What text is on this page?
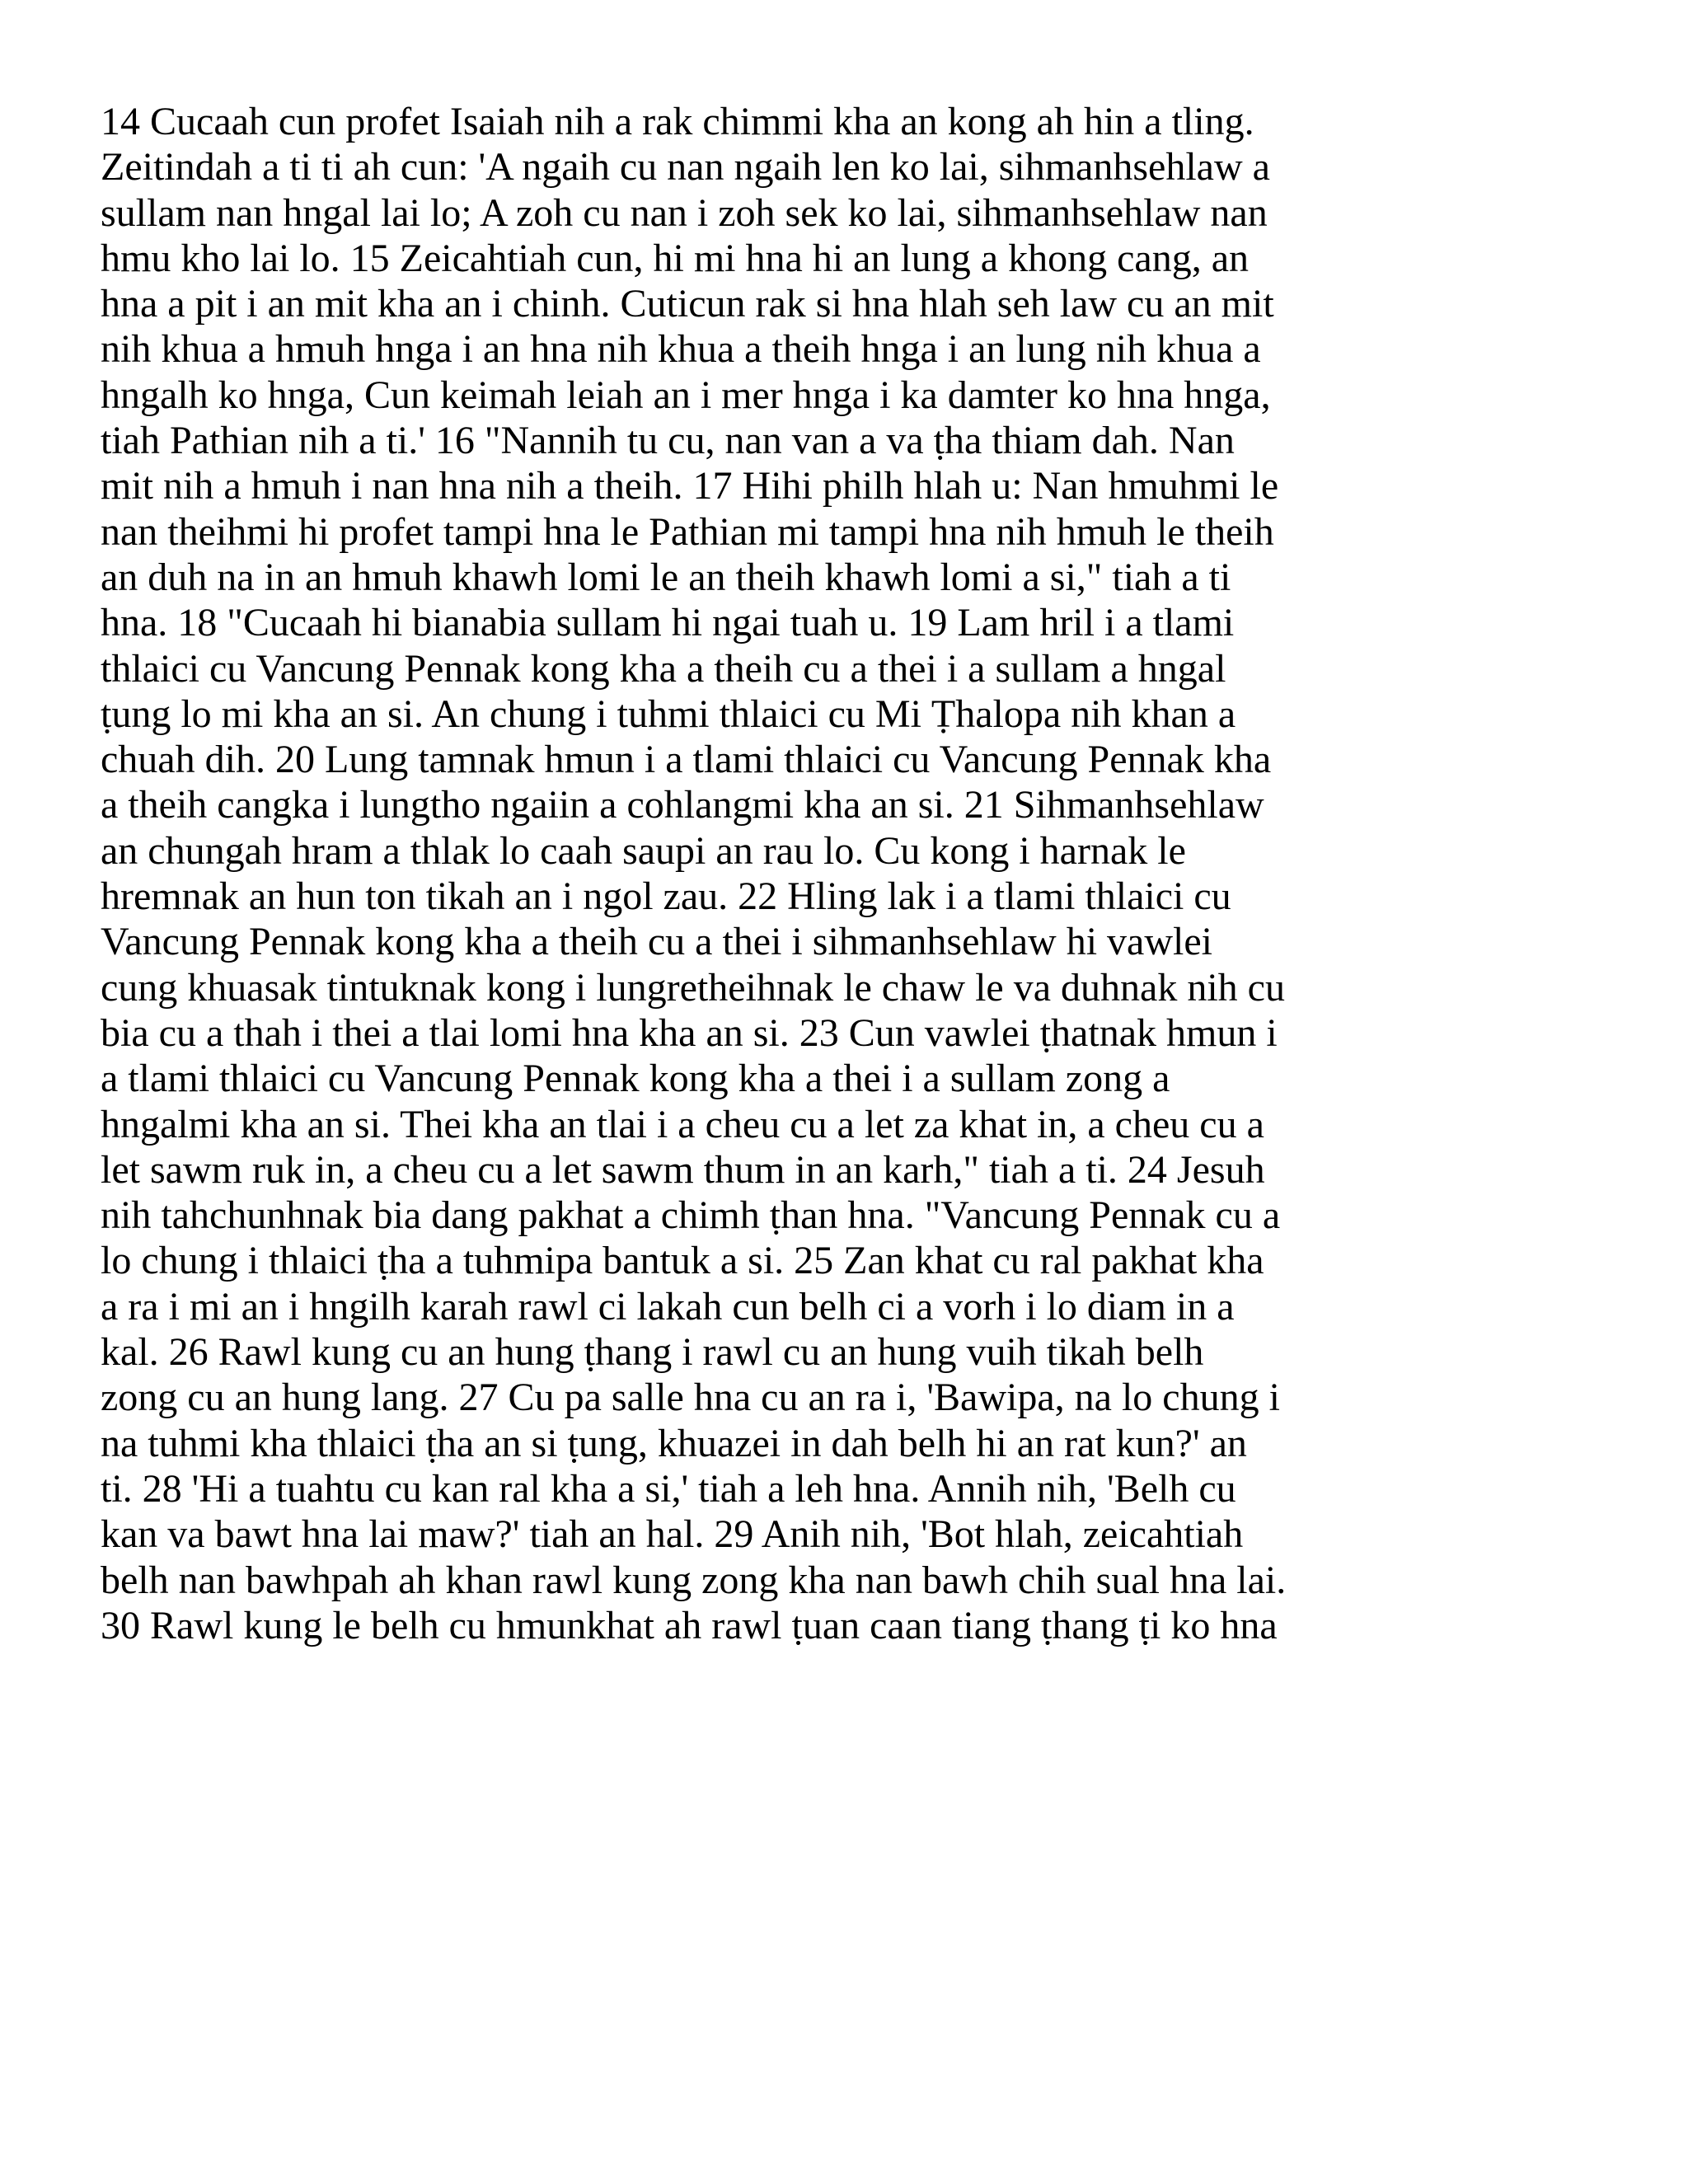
14 Cucaah cun profet Isaiah nih a rak chimmi kha an kong ah hin a tling.
Zeitindah a ti ti ah cun: 'A ngaih cu nan ngaih len ko lai, sihmanhsehlaw a
sullam nan hngal lai lo; A zoh cu nan i zoh sek ko lai, sihmanhsehlaw nan
hmu kho lai lo. 15 Zeicahtiah cun, hi mi hna hi an lung a khong cang, an
hna a pit i an mit kha an i chinh. Cuticun rak si hna hlah seh law cu an mit
nih khua a hmuh hnga i an hna nih khua a theih hnga i an lung nih khua a
hngalh ko hnga, Cun keimah leiah an i mer hnga i ka damter ko hna hnga,
tiah Pathian nih a ti.' 16 "Nannih tu cu, nan van a va ṭha thiam dah. Nan
mit nih a hmuh i nan hna nih a theih. 17 Hihi philh hlah u: Nan hmuhmi le
nan theihmi hi profet tampi hna le Pathian mi tampi hna nih hmuh le theih
an duh na in an hmuh khawh lomi le an theih khawh lomi a si," tiah a ti
hna. 18 "Cucaah hi bianabia sullam hi ngai tuah u. 19 Lam hril i a tlami
thlaici cu Vancung Pennak kong kha a theih cu a thei i a sullam a hngal
ṭung lo mi kha an si. An chung i tuhmi thlaici cu Mi Ṭhalopa nih khan a
chuah dih. 20 Lung tamnak hmun i a tlami thlaici cu Vancung Pennak kha
a theih cangka i lungtho ngaiin a cohlangmi kha an si. 21 Sihmanhsehlaw
an chungah hram a thlak lo caah saupi an rau lo. Cu kong i harnak le
hremnak an hun ton tikah an i ngol zau. 22 Hling lak i a tlami thlaici cu
Vancung Pennak kong kha a theih cu a thei i sihmanhsehlaw hi vawlei
cung khuasak tintuknak kong i lungretheihnak le chaw le va duhnak nih cu
bia cu a thah i thei a tlai lomi hna kha an si. 23 Cun vawlei ṭhatnak hmun i
a tlami thlaici cu Vancung Pennak kong kha a thei i a sullam zong a
hngalmi kha an si. Thei kha an tlai i a cheu cu a let za khat in, a cheu cu a
let sawm ruk in, a cheu cu a let sawm thum in an karh," tiah a ti. 24 Jesuh
nih tahchunhnak bia dang pakhat a chimh ṭhan hna. "Vancung Pennak cu a
lo chung i thlaici ṭha a tuhmipa bantuk a si. 25 Zan khat cu ral pakhat kha
a ra i mi an i hngilh karah rawl ci lakah cun belh ci a vorh i lo diam in a
kal. 26 Rawl kung cu an hung ṭhang i rawl cu an hung vuih tikah belh
zong cu an hung lang. 27 Cu pa salle hna cu an ra i, 'Bawipa, na lo chung i
na tuhmi kha thlaici ṭha an si ṭung, khuazei in dah belh hi an rat kun?' an
ti. 28 'Hi a tuahtu cu kan ral kha a si,' tiah a leh hna. Annih nih, 'Belh cu
kan va bawt hna lai maw?' tiah an hal. 29 Anih nih, 'Bot hlah, zeicahtiah
belh nan bawhpah ah khan rawl kung zong kha nan bawh chih sual hna lai.
30 Rawl kung le belh cu hmunkhat ah rawl ṭuan caan tiang ṭhang ṭi ko hna
